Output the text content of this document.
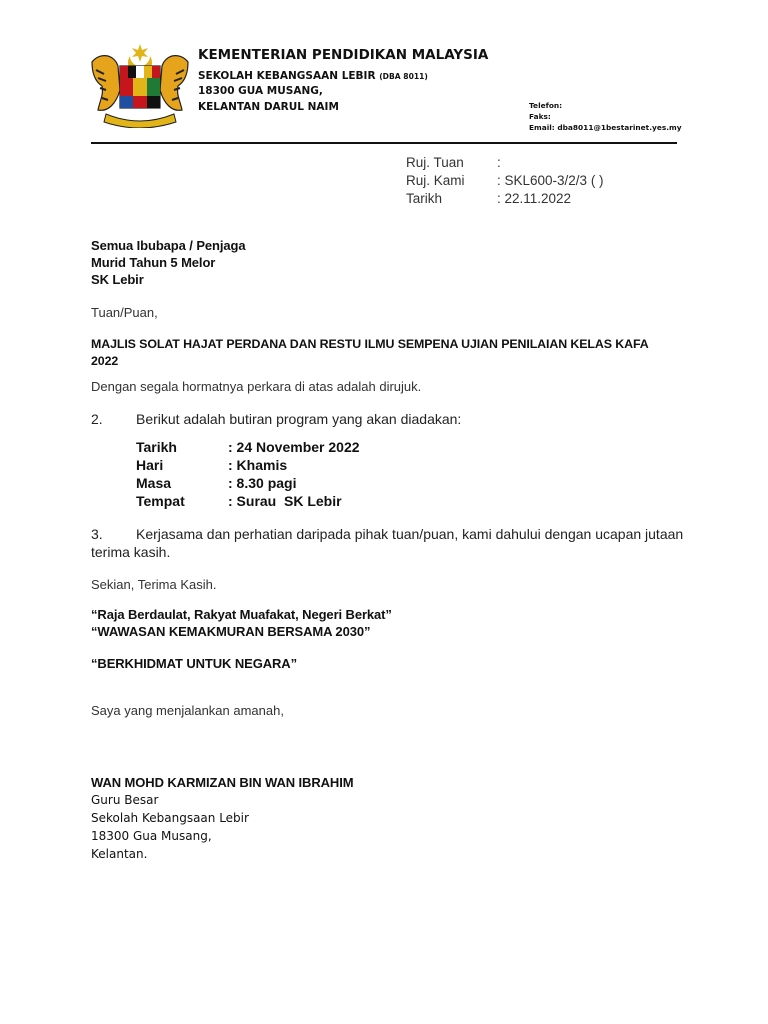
KEMENTERIAN PENDIDIKAN MALAYSIA
SEKOLAH KEBANGSAAN LEBIR (DBA 8011)
18300 GUA MUSANG,
KELANTAN DARUL NAIM	Telefon:
Faks:
Email: dba8011@1bestarinet.yes.my
Ruj. Tuan :
Ruj. Kami : SKL600-3/2/3 ( )
Tarikh	: 22.11.2022
Semua Ibubapa / Penjaga
Murid Tahun 5 Melor
SK Lebir
Tuan/Puan,
MAJLIS SOLAT HAJAT PERDANA DAN RESTU ILMU SEMPENA UJIAN PENILAIAN KELAS KAFA
2022
Dengan segala hormatnya perkara di atas adalah dirujuk.
2. Berikut adalah butiran program yang akan diadakan:
Tarikh	: 24 November 2022
Hari	: Khamis
Masa	: 8.30 pagi
Tempat	: Surau  SK Lebir
3. Kerjasama dan perhatian daripada pihak tuan/puan, kami dahului dengan ucapan jutaan
terima kasih.
Sekian, Terima Kasih.
“Raja Berdaulat, Rakyat Muafakat, Negeri Berkat”
“WAWASAN KEMAKMURAN BERSAMA 2030”
“BERKHIDMAT UNTUK NEGARA”
Saya yang menjalankan amanah,
WAN MOHD KARMIZAN BIN WAN IBRAHIM
Guru Besar
Sekolah Kebangsaan Lebir
18300 Gua Musang,
Kelantan.
